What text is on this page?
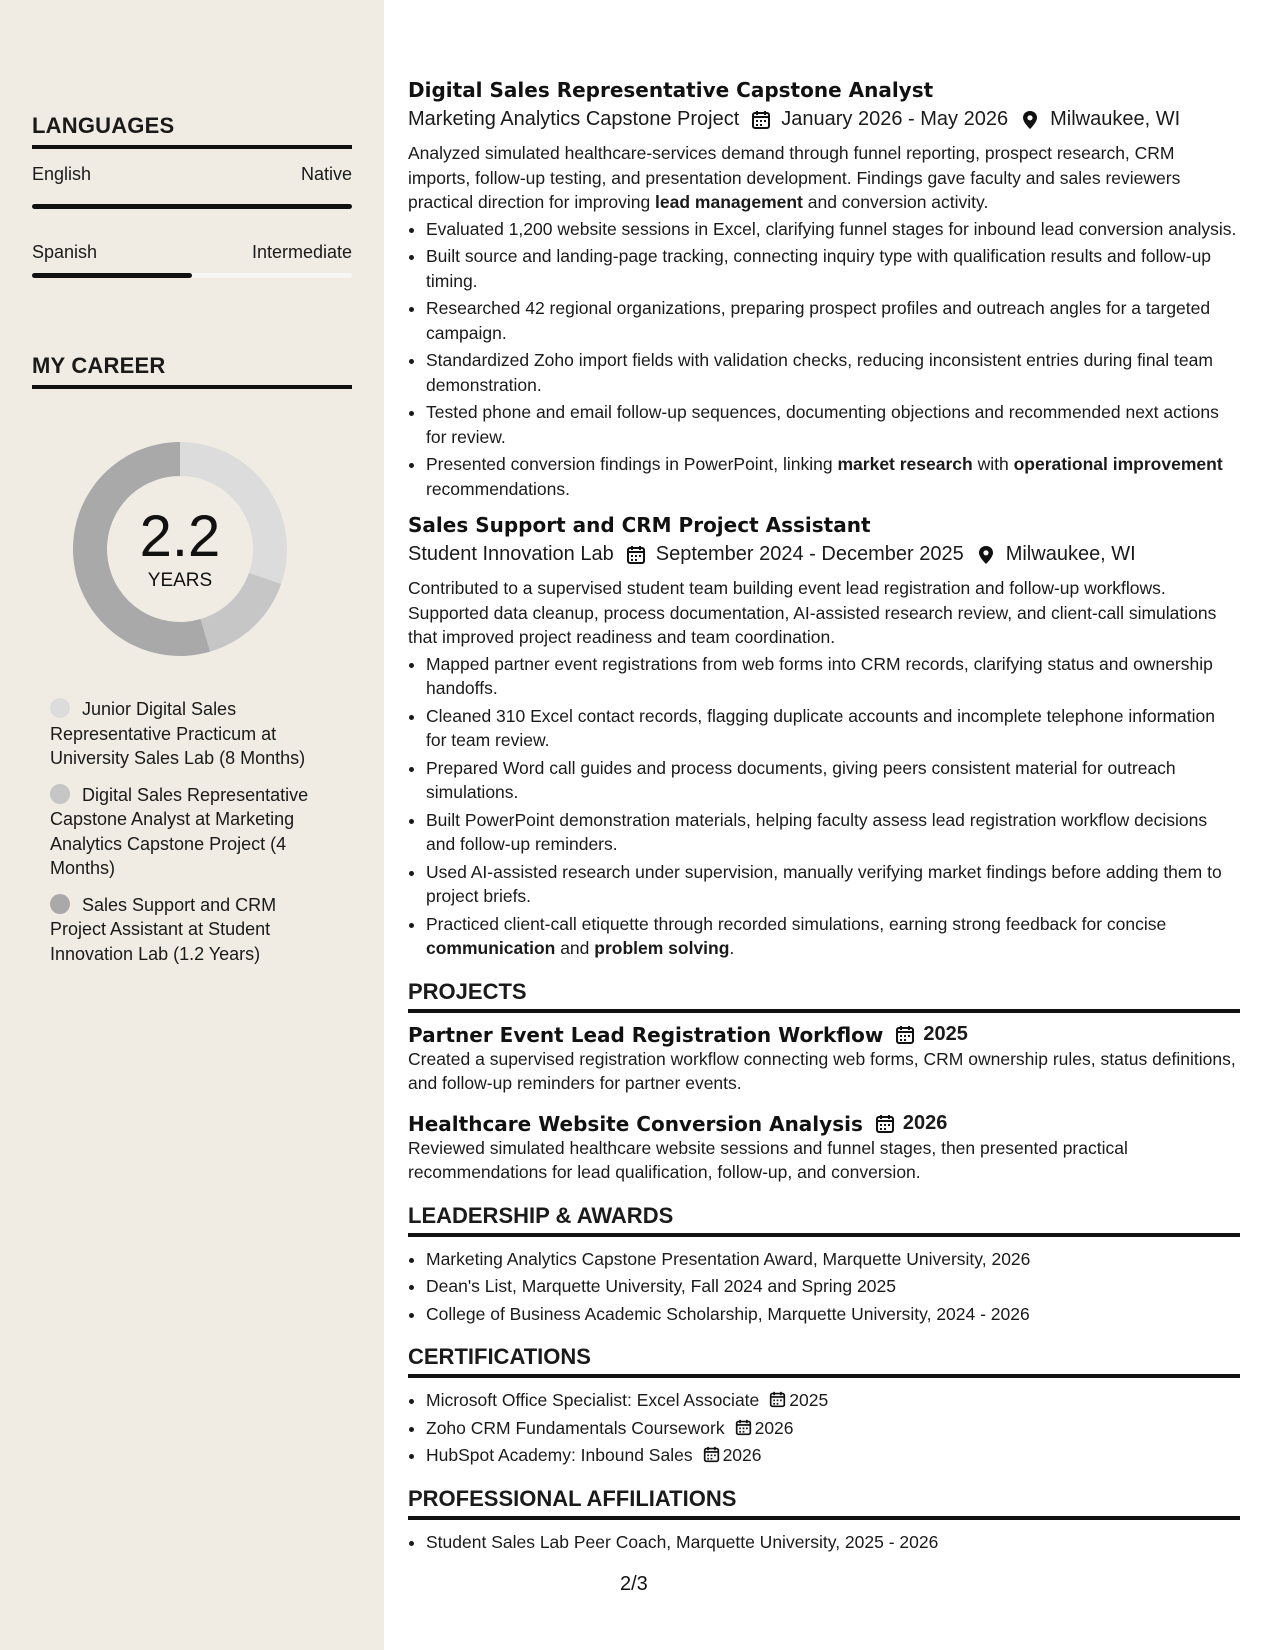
LANGUAGES
English	Native
Spanish	Intermediate
MY CAREER
2.2
YEARS
Junior Digital Sales Representative Practicum at University Sales Lab (8 Months)
Digital Sales Representative Capstone Analyst at Marketing Analytics Capstone Project (4 Months)
Sales Support and CRM Project Assistant at Student Innovation Lab (1.2 Years)
Digital Sales Representative Capstone Analyst
Marketing Analytics Capstone Project January 2026 - May 2026 Milwaukee, WI

Analyzed simulated healthcare-services demand through funnel reporting, prospect research, CRM imports, follow-up testing, and presentation development. Findings gave faculty and sales reviewers practical direction for improving lead management and conversion activity.

• Evaluated 1,200 website sessions in Excel, clarifying funnel stages for inbound lead conversion analysis.
• Built source and landing-page tracking, connecting inquiry type with qualification results and follow-up timing.
• Researched 42 regional organizations, preparing prospect profiles and outreach angles for a targeted campaign.
• Standardized Zoho import fields with validation checks, reducing inconsistent entries during final team demonstration.
• Tested phone and email follow-up sequences, documenting objections and recommended next actions for review.
• Presented conversion findings in PowerPoint, linking market research with operational improvement recommendations.
Sales Support and CRM Project Assistant
Student Innovation Lab September 2024 - December 2025 Milwaukee, WI

Contributed to a supervised student team building event lead registration and follow-up workflows. Supported data cleanup, process documentation, AI-assisted research review, and client-call simulations that improved project readiness and team coordination.

• Mapped partner event registrations from web forms into CRM records, clarifying status and ownership handoffs.
• Cleaned 310 Excel contact records, flagging duplicate accounts and incomplete telephone information for team review.
• Prepared Word call guides and process documents, giving peers consistent material for outreach simulations.
• Built PowerPoint demonstration materials, helping faculty assess lead registration workflow decisions and follow-up reminders.
• Used AI-assisted research under supervision, manually verifying market findings before adding them to project briefs.
• Practiced client-call etiquette through recorded simulations, earning strong feedback for concise communication and problem solving.
PROJECTS
Partner Event Lead Registration Workflow 2025

Created a supervised registration workflow connecting web forms, CRM ownership rules, status definitions, and follow-up reminders for partner events.

Healthcare Website Conversion Analysis 2026

Reviewed simulated healthcare website sessions and funnel stages, then presented practical recommendations for lead qualification, follow-up, and conversion.

LEADERSHIP & AWARDS
• Marketing Analytics Capstone Presentation Award, Marquette University, 2026
• Dean's List, Marquette University, Fall 2024 and Spring 2025
• College of Business Academic Scholarship, Marquette University, 2024 - 2026
CERTIFICATIONS
• Microsoft Office Specialist: Excel Associate 2025
• Zoho CRM Fundamentals Coursework 2026
• HubSpot Academy: Inbound Sales 2026
PROFESSIONAL AFFILIATIONS
• Student Sales Lab Peer Coach, Marquette University, 2025 - 2026
2/3
